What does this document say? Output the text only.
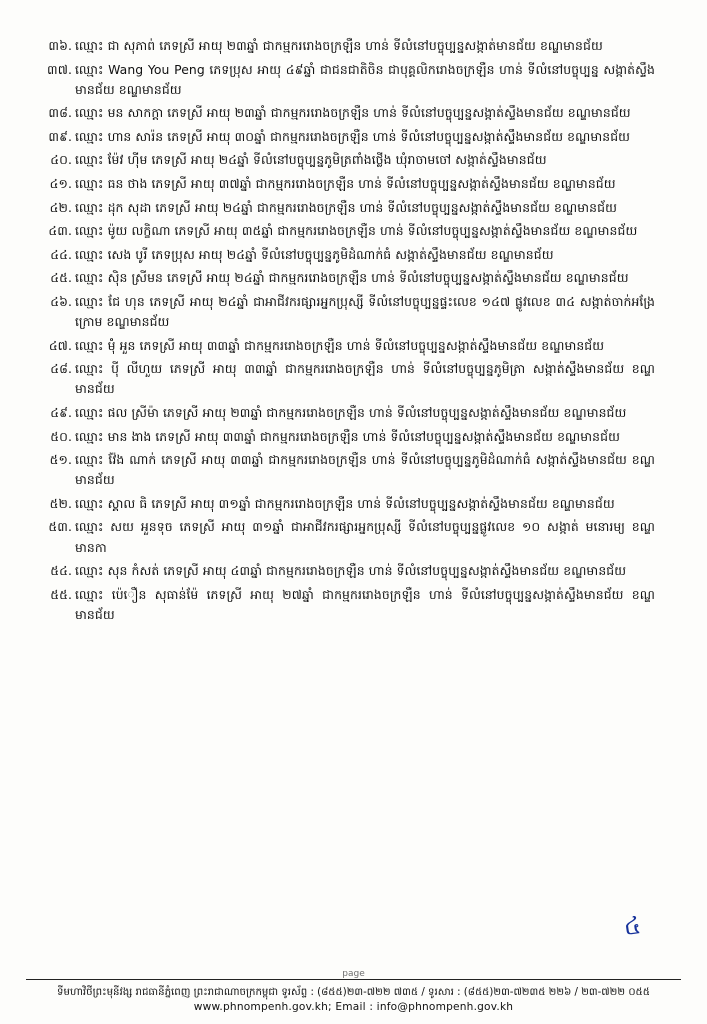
៣៦. ឈ្មោះ ជា សុភាព់ ភេទស្រី អាយុ ២៣ឆ្នាំ ជាកម្មកររោងចក្រឡឺន ហាន់ ទីលំនៅបច្ចុប្បន្នសង្កាត់មានជ័យ ខណ្ឌមានជ័យ
៣៧. ឈ្មោះ Wang You Peng ភេទប្រុស អាយុ ៤៩ឆ្នាំ ជាជនជាតិចិន ជាបុគ្គលិករោងចក្រឡឺន ហាន់ ទីលំនៅបច្ចុប្បន្ន សង្កាត់ស្ទឹងមានជ័យ ខណ្ឌមានជ័យ
៣៨. ឈ្មោះ មន សាកក្តា ភេទស្រី អាយុ ២៣ឆ្នាំ ជាកម្មកររោងចក្រឡឺន ហាន់ ទីលំនៅបច្ចុប្បន្នសង្កាត់ស្ទឹងមានជ័យ ខណ្ឌមានជ័យ
៣៩. ឈ្មោះ ហាន សារ៉ន ភេទស្រី អាយុ ៣០ឆ្នាំ ជាកម្មកររោងចក្រឡឺន ហាន់ ទីលំនៅបច្ចុប្បន្នសង្កាត់ស្ទឹងមានជ័យ ខណ្ឌមានជ័យ
៤០. ឈ្មោះ ម៉ែវ ហ៊ីម ភេទស្រី អាយុ ២៤ឆ្នាំ ទីលំនៅបច្ចុប្បន្នភូមិត្រពាំងថ្លើង ឃុំរាចាមចៅ សង្កាត់ស្ទឹងមានជ័យ
៤១. ឈ្មោះ ធន ថាង ភេទស្រី អាយុ ៣៧ឆ្នាំ ជាកម្មកររោងចក្រឡឺន ហាន់ ទីលំនៅបច្ចុប្បន្នសង្កាត់ស្ទឹងមានជ័យ ខណ្ឌមានជ័យ
៤២. ឈ្មោះ ដុក សុដា ភេទស្រី អាយុ ២៤ឆ្នាំ ជាកម្មកររោងចក្រឡឺន ហាន់ ទីលំនៅបច្ចុប្បន្នសង្កាត់ស្ទឹងមានជ័យ ខណ្ឌមានជ័យ
៤៣. ឈ្មោះ ម៉ូយ លក្ខិណា ភេទស្រី អាយុ ៣៥ឆ្នាំ ជាកម្មកររោងចក្រឡឺន ហាន់ ទីលំនៅបច្ចុប្បន្នសង្កាត់ស្ទឹងមានជ័យ ខណ្ឌមានជ័យ
៤៤. ឈ្មោះ សេង បូរី ភេទប្រុស អាយុ ២៤ឆ្នាំ ទីលំនៅបច្ចុប្បន្នភូមិដំណាក់ធំ សង្កាត់ស្ទឹងមានជ័យ ខណ្ឌមានជ័យ
៤៥. ឈ្មោះ ស៊ិន ស្រីមន ភេទស្រី អាយុ ២៤ឆ្នាំ ជាកម្មកររោងចក្រឡឺន ហាន់ ទីលំនៅបច្ចុប្បន្នសង្កាត់ស្ទឹងមានជ័យ ខណ្ឌមានជ័យ
៤៦. ឈ្មោះ ជែ ហុន ភេទស្រី អាយុ ២៤ឆ្នាំ ជាអាជីវករផ្សារអ្នកប្រុស្សី ទីលំនៅបច្ចុប្បន្នផ្ទះលេខ ១៤៧ ផ្លូវលេខ ៣៤ សង្កាត់ចាក់អង្រែក្រោម ខណ្ឌមានជ័យ
៤៧. ឈ្មោះ ម៉ុំ អួន ភេទស្រី អាយុ ៣៣ឆ្នាំ ជាកម្មកររោងចក្រឡឺន ហាន់ ទីលំនៅបច្ចុប្បន្នសង្កាត់ស្ទឹងមានជ័យ ខណ្ឌមានជ័យ
៤៨. ឈ្មោះ ប៉ី លីហួយ ភេទស្រី អាយុ ៣៣ឆ្នាំ ជាកម្មកររោងចក្រឡឺន ហាន់ ទីលំនៅបច្ចុប្បន្នភូមិត្រា សង្កាត់ស្ទឹងមានជ័យ ខណ្ឌមានជ័យ
៤៩. ឈ្មោះ ផល ស្រីម៉ា ភេទស្រី អាយុ ២៣ឆ្នាំ ជាកម្មកររោងចក្រឡឺន ហាន់ ទីលំនៅបច្ចុប្បន្នសង្កាត់ស្ទឹងមានជ័យ ខណ្ឌមានជ័យ
៥០. ឈ្មោះ មាន ងាង ភេទស្រី អាយុ ៣៣ឆ្នាំ ជាកម្មកររោងចក្រឡឺន ហាន់ ទីលំនៅបច្ចុប្បន្នសង្កាត់ស្ទឹងមានជ័យ ខណ្ឌមានជ័យ
៥១. ឈ្មោះ វ៉ែង ណាក់ ភេទស្រី អាយុ ៣៣ឆ្នាំ ជាកម្មកររោងចក្រឡឺន ហាន់ ទីលំនៅបច្ចុប្បន្នភូមិដំណាក់ធំ សង្កាត់ស្ទឹងមានជ័យ ខណ្ឌមានជ័យ
៥២. ឈ្មោះ ស្គាល ធិ ភេទស្រី អាយុ ៣១ឆ្នាំ ជាកម្មកររោងចក្រឡឺន ហាន់ ទីលំនៅបច្ចុប្បន្នសង្កាត់ស្ទឹងមានជ័យ ខណ្ឌមានជ័យ
៥៣. ឈ្មោះ សយ អួនទុច ភេទស្រី អាយុ ៣១ឆ្នាំ ជាអាជីវករផ្សារអ្នកប្រុស្សី ទីលំនៅបច្ចុប្បន្នផ្លូវលេខ ១០ សង្កាត់ មនោរម្យ ខណ្ឌមានកា
៥៤. ឈ្មោះ សុន កំសត់ ភេទស្រី អាយុ ៤៣ឆ្នាំ ជាកម្មកររោងចក្រឡឺន ហាន់ ទីលំនៅបច្ចុប្បន្នសង្កាត់ស្ទឹងមានជ័យ ខណ្ឌមានជ័យ
៥៥. ឈ្មោះ ប៉េឿន សុធាន់ម៉ែ ភេទស្រី អាយុ ២៧ឆ្នាំ ជាកម្មកររោងចក្រឡឺន ហាន់ ទីលំនៅបច្ចុប្បន្នសង្កាត់ស្ទឹងមានជ័យ ខណ្ឌមានជ័យ
៤
page
ទីមហាវិថីព្រះមុនីវង្ស រាជធានីភ្នំពេញ ព្រះរាជាណាចក្រកម្ពុជា ទូរស័ព្ទ : (៨៥៥)២៣-៧២២ ៧៣៥ / ទូរសារ : (៨៥៥)២៣-៧២៣៥ ២២៦ / ២៣-៧២២ ០៥៥
www.phnompenh.gov.kh; Email : info@phnompenh.gov.kh
